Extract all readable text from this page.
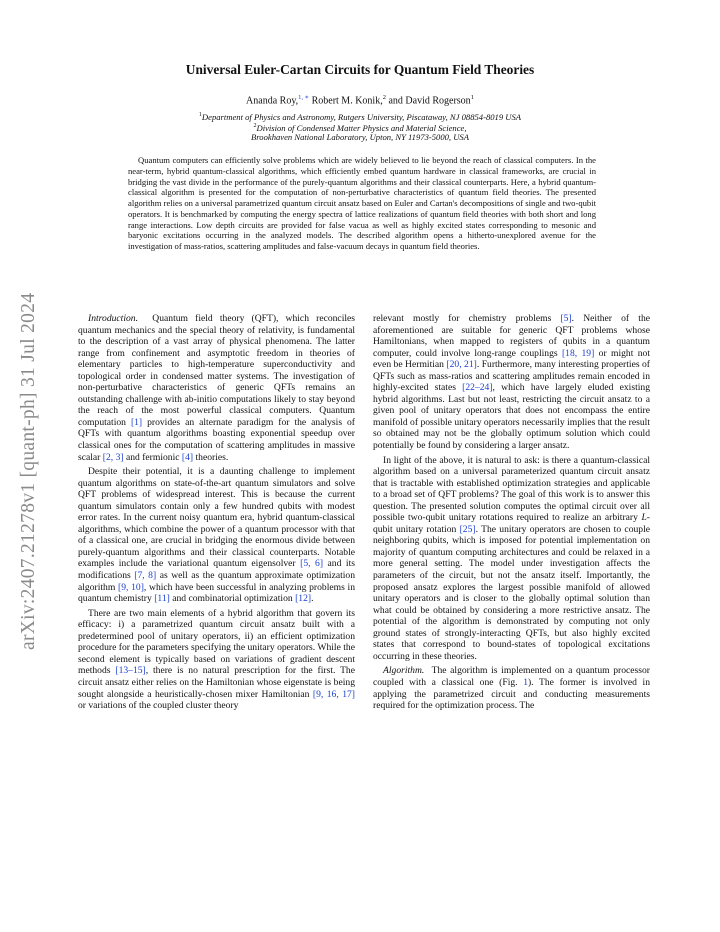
arXiv:2407.21278v1 [quant-ph] 31 Jul 2024
Universal Euler-Cartan Circuits for Quantum Field Theories
Ananda Roy,$^{1, ∗}$ Robert M. Konik,$^2$ and David Rogerson$^1$
$^1$Department of Physics and Astronomy, Rutgers University, Piscataway, NJ 08854-8019 USA
$^2$Division of Condensed Matter Physics and Material Science,
Brookhaven National Laboratory, Upton, NY 11973-5000, USA

Quantum computers can efficiently solve problems which are widely believed to lie beyond the reach of classical computers. In the near-term, hybrid quantum-classical algorithms, which efficiently embed quantum hardware in classical frameworks, are crucial in bridging the vast divide in the performance of the purely-quantum algorithms and their classical counterparts. Here, a hybrid quantum-classical algorithm is presented for the computation of non-perturbative characteristics of quantum field theories. The presented algorithm relies on a universal parametrized quantum circuit ansatz based on Euler and Cartan's decompositions of single and two-qubit operators. It is benchmarked by computing the energy spectra of lattice realizations of quantum field theories with both short and long range interactions. Low depth circuits are provided for false vacua as well as highly excited states corresponding to mesonic and baryonic excitations occurring in the analyzed models. The described algorithm opens a hitherto-unexplored avenue for the investigation of mass-ratios, scattering amplitudes and false-vacuum decays in quantum field theories.

Introduction. Quantum field theory (QFT), which reconciles quantum mechanics and the special theory of relativity, is fundamental to the description of a vast array of physical phenomena. The latter range from confinement and asymptotic freedom in theories of elementary particles to high-temperature superconductivity and topological order in condensed matter systems. The investigation of non-perturbative characteristics of generic QFTs remains an outstanding challenge with ab-initio computations likely to stay beyond the reach of the most powerful classical computers. Quantum computation [1] provides an alternate paradigm for the analysis of QFTs with quantum algorithms boasting exponential speedup over classical ones for the computation of scattering amplitudes in massive scalar [2, 3] and fermionic [4] theories.

Despite their potential, it is a daunting challenge to implement quantum algorithms on state-of-the-art quantum simulators and solve QFT problems of widespread interest. This is because the current quantum simulators contain only a few hundred qubits with modest error rates. In the current noisy quantum era, hybrid quantum-classical algorithms, which combine the power of a quantum processor with that of a classical one, are crucial in bridging the enormous divide between purely-quantum algorithms and their classical counterparts. Notable examples include the variational quantum eigensolver [5, 6] and its modifications [7, 8] as well as the quantum approximate optimization algorithm [9, 10], which have been successful in analyzing problems in quantum chemistry [11] and combinatorial optimization [12].

There are two main elements of a hybrid algorithm that govern its efficacy: i) a parametrized quantum circuit ansatz built with a predetermined pool of unitary operators, ii) an efficient optimization procedure for the parameters specifying the unitary operators. While the second element is typically based on variations of gradient descent methods [13–15], there is no natural prescription for the first. The circuit ansatz either relies on the Hamiltonian whose eigenstate is being sought alongside a heuristically-chosen mixer Hamiltonian [9, 16, 17] or variations of the coupled cluster theory

relevant mostly for chemistry problems [5]. Neither of the aforementioned are suitable for generic QFT problems whose Hamiltonians, when mapped to registers of qubits in a quantum computer, could involve long-range couplings [18, 19] or might not even be Hermitian [20, 21]. Furthermore, many interesting properties of QFTs such as mass-ratios and scattering amplitudes remain encoded in highly-excited states [22–24], which have largely eluded existing hybrid algorithms. Last but not least, restricting the circuit ansatz to a given pool of unitary operators that does not encompass the entire manifold of possible unitary operators necessarily implies that the result so obtained may not be the globally optimum solution which could potentially be found by considering a larger ansatz.

In light of the above, it is natural to ask: is there a quantum-classical algorithm based on a universal parameterized quantum circuit ansatz that is tractable with established optimization strategies and applicable to a broad set of QFT problems? The goal of this work is to answer this question. The presented solution computes the optimal circuit over all possible two-qubit unitary rotations required to realize an arbitrary L-qubit unitary rotation [25]. The unitary operators are chosen to couple neighboring qubits, which is imposed for potential implementation on majority of quantum computing architectures and could be relaxed in a more general setting. The model under investigation affects the parameters of the circuit, but not the ansatz itself. Importantly, the proposed ansatz explores the largest possible manifold of allowed unitary operators and is closer to the globally optimal solution than what could be obtained by considering a more restrictive ansatz. The potential of the algorithm is demonstrated by computing not only ground states of strongly-interacting QFTs, but also highly excited states that correspond to bound-states of topological excitations occurring in these theories.

Algorithm. The algorithm is implemented on a quantum processor coupled with a classical one (Fig. 1). The former is involved in applying the parametrized circuit and conducting measurements required for the optimization process. The
